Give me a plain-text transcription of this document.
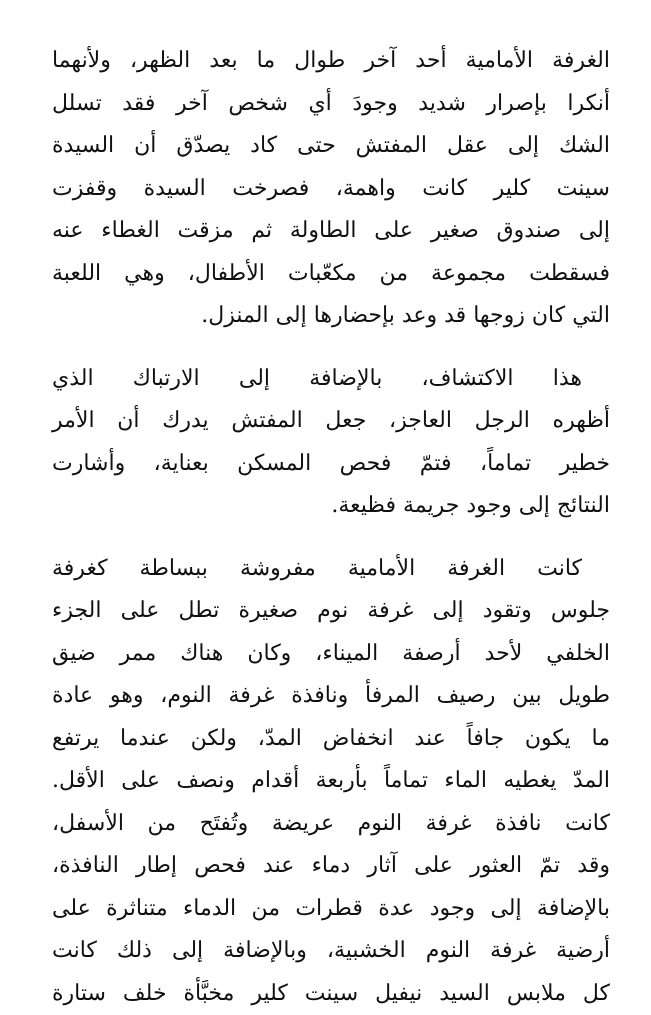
الغرفة الأمامية أحد آخر طوال ما بعد الظهر، ولأنهما
أنكرا بإصرار شديد وجودَ أي شخص آخر فقد تسلل
الشك إلى عقل المفتش حتى كاد يصدّق أن السيدة
سينت كلير كانت واهمة، فصرخت السيدة وقفزت
إلى صندوق صغير على الطاولة ثم مزقت الغطاء عنه
فسقطت مجموعة من مكعّبات الأطفال، وهي اللعبة
التي كان زوجها قد وعد بإحضارها إلى المنزل.
هذا الاكتشاف، بالإضافة إلى الارتباك الذي
أظهره الرجل العاجز، جعل المفتش يدرك أن الأمر
خطير تماماً، فتمّ فحص المسكن بعناية، وأشارت
النتائج إلى وجود جريمة فظيعة.
كانت الغرفة الأمامية مفروشة ببساطة كغرفة
جلوس وتقود إلى غرفة نوم صغيرة تطل على الجزء
الخلفي لأحد أرصفة الميناء، وكان هناك ممر ضيق
طويل بين رصيف المرفأ ونافذة غرفة النوم، وهو عادة
ما يكون جافاً عند انخفاض المدّ، ولكن عندما يرتفع
المدّ يغطيه الماء تماماً بأربعة أقدام ونصف على الأقل.
كانت نافذة غرفة النوم عريضة وتُفتَح من الأسفل،
وقد تمّ العثور على آثار دماء عند فحص إطار النافذة،
بالإضافة إلى وجود عدة قطرات من الدماء متناثرة على
أرضية غرفة النوم الخشبية، وبالإضافة إلى ذلك كانت
كل ملابس السيد نيفيل سينت كلير مخبَّأة خلف ستارة
